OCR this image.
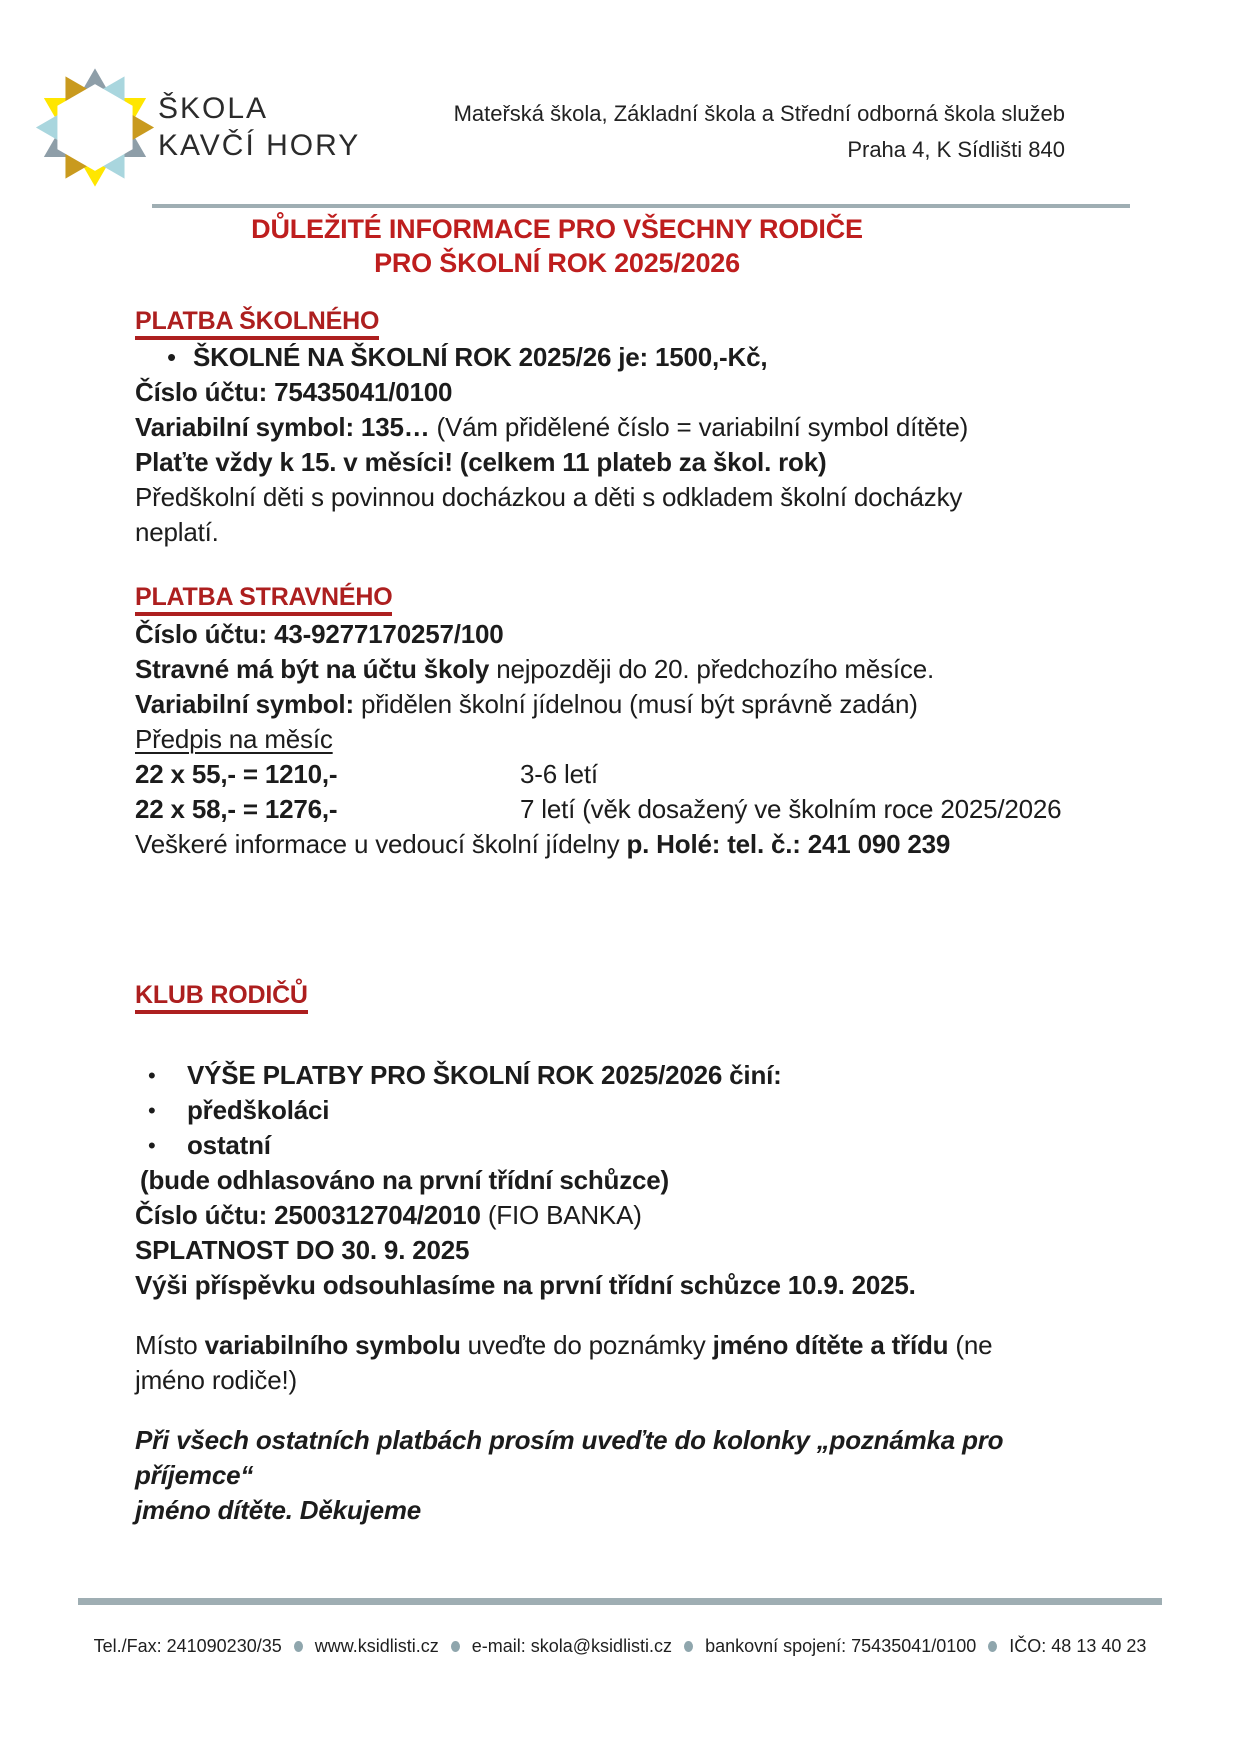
ŠKOLA
KAVČÍ HORY
Mateřská škola, Základní škola a Střední odborná škola služeb
Praha 4, K Sídlišti 840
DŮLEŽITÉ INFORMACE PRO VŠECHNY RODIČE
PRO ŠKOLNÍ ROK 2025/2026
PLATBA ŠKOLNÉHO
• ŠKOLNÉ NA ŠKOLNÍ ROK 2025/26 je: 1500,-Kč,

Číslo účtu: 75435041/0100

Variabilní symbol: 135… (Vám přidělené číslo = variabilní symbol dítěte)

Plaťte vždy k 15. v měsíci! (celkem 11 plateb za škol. rok)

Předškolní děti s povinnou docházkou a děti s odkladem školní docházky

neplatí.

PLATBA STRAVNÉHO

Číslo účtu: 43-9277170257/100

Stravné má být na účtu školy nejpozději do 20. předchozího měsíce.

Variabilní symbol: přidělen školní jídelnou (musí být správně zadán)

Předpis na měsíc

22 x 55,- = 1210,-	3-6 letí

22 x 58,- = 1276,-	7 letí (věk dosažený ve školním roce 2025/2026

Veškeré informace u vedoucí školní jídelny p. Holé: tel. č.: 241 090 239

KLUB RODIČŮ
•	VÝŠE PLATBY PRO ŠKOLNÍ ROK 2025/2026 činí:
•	předškoláci
•	ostatní

(bude odhlasováno na první třídní schůzce)

Číslo účtu: 2500312704/2010 (FIO BANKA)

SPLATNOST DO 30. 9. 2025

Výši příspěvku odsouhlasíme na první třídní schůzce 10.9. 2025.

Místo variabilního symbolu uveďte do poznámky jméno dítěte a třídu (ne
jméno rodiče!)

Při všech ostatních platbách prosím uveďte do kolonky „poznámka pro příjemce“
jméno dítěte. Děkujeme

Tel./Fax: 241090230/35 www.ksidlisti.cz e-mail: skola@ksidlisti.cz bankovní spojení: 75435041/0100 IČO: 48 13 40 23
